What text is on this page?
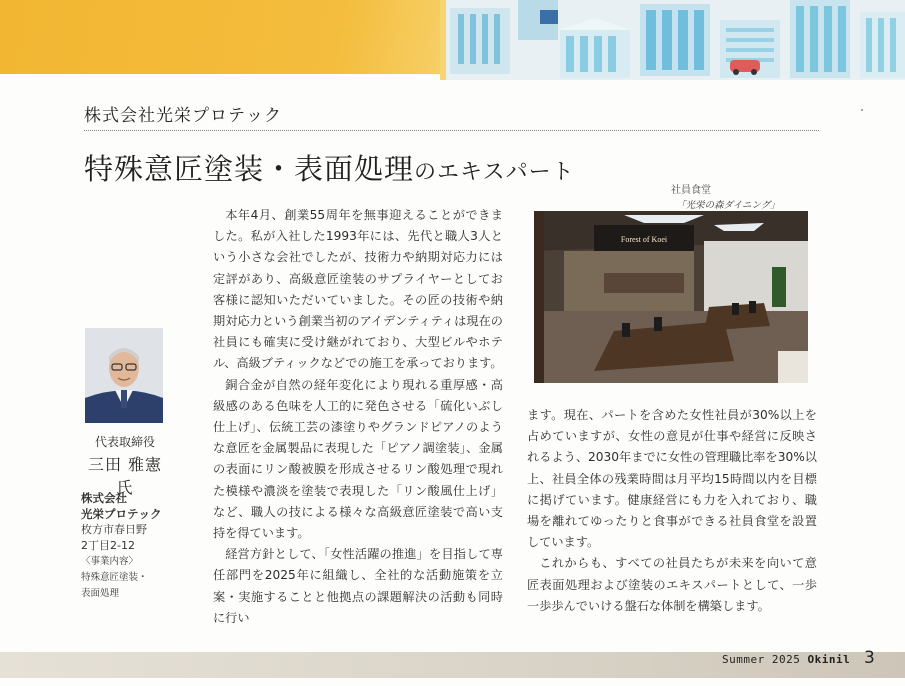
株式会社光栄プロテック
特殊意匠塗装・表面処理のエキスパート
代表取締役
三田 雅憲氏
株式会社
光栄プロテック
枚方市春日野
2丁目2-12
〈事業内容〉
特殊意匠塗装・
表面処理

本年4月、創業55周年を無事迎えることができました。私が入社した1993年には、先代と職人3人という小さな会社でしたが、技術力や納期対応力には定評があり、高級意匠塗装のサプライヤーとしてお客様に認知いただいていました。その匠の技術や納期対応力という創業当初のアイデンティティは現在の社員にも確実に受け継がれており、大型ビルやホテル、高級ブティックなどでの施工を承っております。

銅合金が自然の経年変化により現れる重厚感・高級感のある色味を人工的に発色させる「硫化いぶし仕上げ」、伝統工芸の漆塗りやグランドピアノのような意匠を金属製品に表現した「ピアノ調塗装」、金属の表面にリン酸被膜を形成させるリン酸処理で現れた模様や濃淡を塗装で表現した「リン酸風仕上げ」など、職人の技による様々な高級意匠塗装で高い支持を得ています。

経営方針として、「女性活躍の推進」を目指して専任部門を2025年に組織し、全社的な活動施策を立案・実施することと他拠点の課題解決の活動も同時に行い

社員食堂
「光栄の森ダイニング」
Forest of Koei

ます。現在、パートを含めた女性社員が30%以上を占めていますが、女性の意見が仕事や経営に反映されるよう、2030年までに女性の管理職比率を30%以上、社員全体の残業時間は月平均15時間以内を目標に掲げています。健康経営にも力を入れており、職場を離れてゆったりと食事ができる社員食堂を設置しています。

これからも、すべての社員たちが未来を向いて意匠表面処理および塗装のエキスパートとして、一歩一歩歩んでいける盤石な体制を構築します。

Summer 2025 Okinil 3
